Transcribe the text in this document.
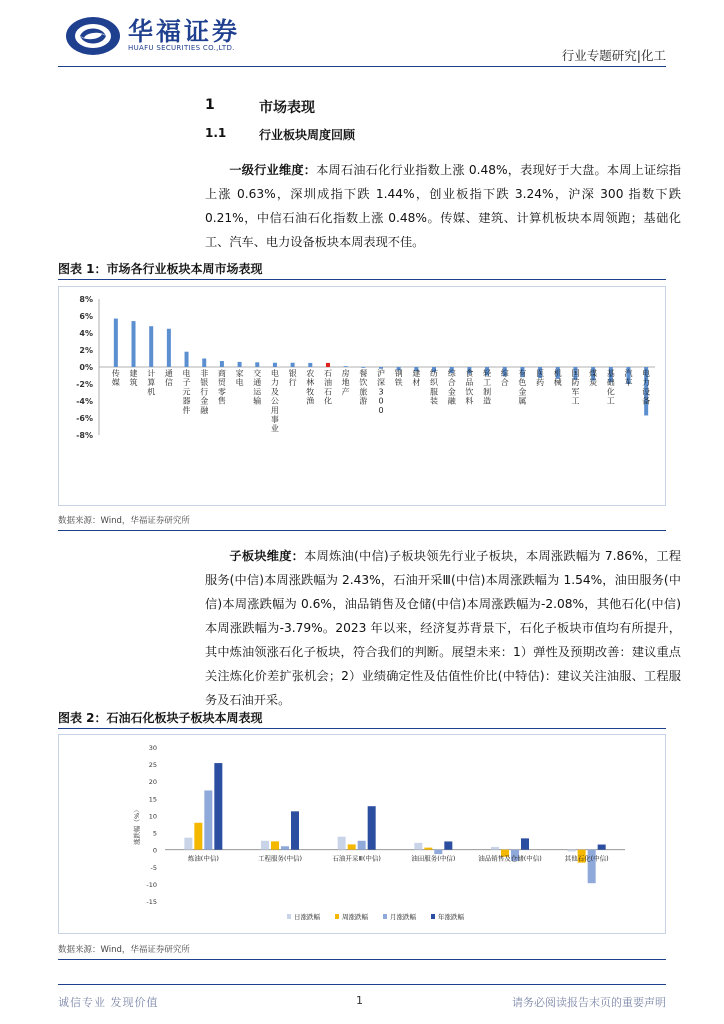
华福证券
HUAFU SECURITIES CO.,LTD.	行业专题研究|化工
1	市场表现
1.1	行业板块周度回顾

一级行业维度：本周石油石化行业指数上涨 0.48%，表现好于大盘。本周上证综指上涨 0.63%，深圳成指下跌 1.44%，创业板指下跌 3.24%，沪深 300 指数下跌 0.21%，中信石油石化指数上涨 0.48%。传媒、建筑、计算机板块本周领跑；基础化工、汽车、电力设备板块本周表现不佳。

图表 1：市场各行业板块本周市场表现
8%
6%
4%
2%
0%
-2%
-4%
-6%
-8%
传媒
建筑
计算机
通信
电子元器件
非银行金融
商贸零售
家电
交通运输
电力及公用事业
银行
农林牧渔
石油石化
房地产
餐饮旅游
沪深 3 0 0
钢铁
建材
纺织服装
综合金融
食品饮料
轻工制造
综合
有色金属
医药
机械
国防军工
煤炭
基础化工
汽车
电力设备
数据来源：Wind，华福证券研究所

子板块维度：本周炼油(中信)子板块领先行业子板块，本周涨跌幅为 7.86%，工程服务(中信)本周涨跌幅为 2.43%，石油开采Ⅲ(中信)本周涨跌幅为 1.54%，油田服务(中信)本周涨跌幅为 0.6%，油品销售及仓储(中信)本周涨跌幅为-2.08%，其他石化(中信)本周涨跌幅为-3.79%。2023 年以来，经济复苏背景下，石化子板块市值均有所提升，其中炼油领涨石化子板块，符合我们的判断。展望未来：1）弹性及预期改善：建议重点关注炼化价差扩张机会；2）业绩确定性及估值性价比(中特估)：建议关注油服、工程服务及石油开采。

图表 2：石油石化板块子板块本周表现
30
25
20
15
10
5
0
-5
-10
-15
涨跌幅（%）
炼油(中信)	工程服务(中信)	石油开采Ⅲ(中信)	油田服务(中信)	油品销售及仓储(中信)	其他石化(中信)
日涨跌幅	周涨跌幅	月涨跌幅	年涨跌幅
数据来源：Wind，华福证券研究所
诚信专业 发现价值	1	请务必阅读报告末页的重要声明
